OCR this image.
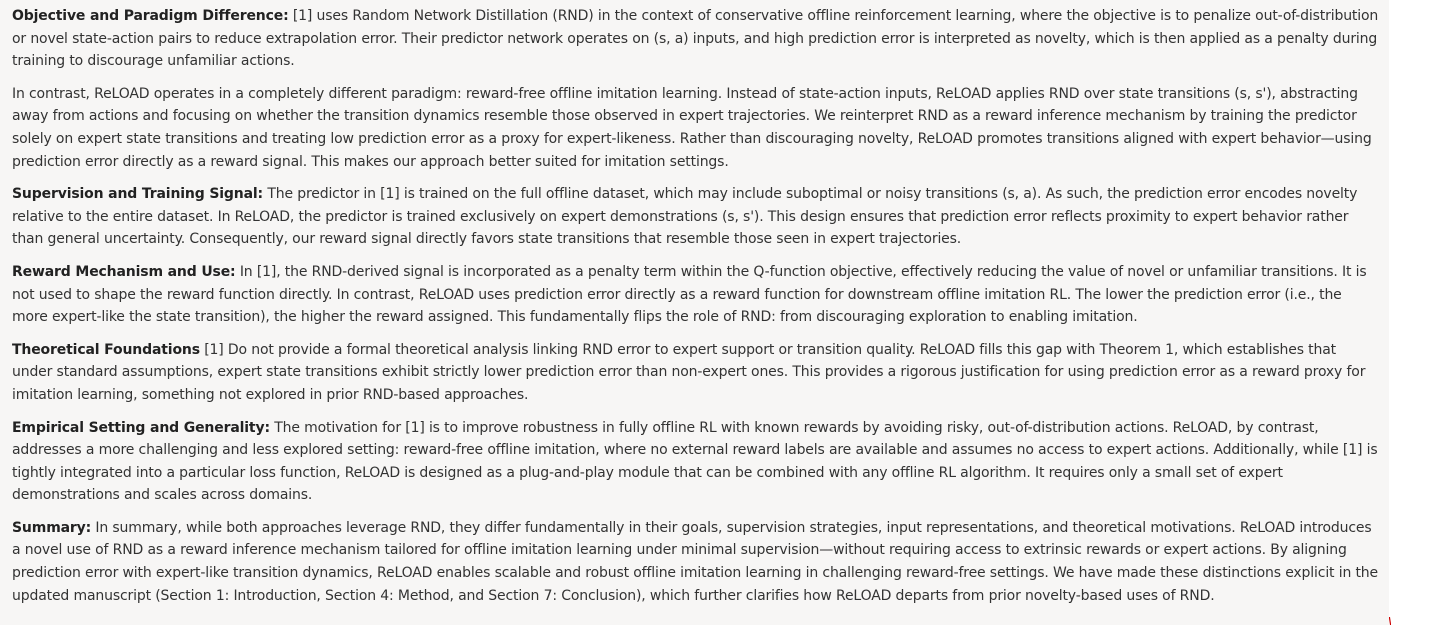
Objective and Paradigm Difference: [1] uses Random Network Distillation (RND) in the context of conservative offline reinforcement learning, where the objective is to penalize out-of-distribution or novel state-action pairs to reduce extrapolation error. Their predictor network operates on (s, a) inputs, and high prediction error is interpreted as novelty, which is then applied as a penalty during training to discourage unfamiliar actions.

In contrast, ReLOAD operates in a completely different paradigm: reward-free offline imitation learning. Instead of state-action inputs, ReLOAD applies RND over state transitions (s, s'), abstracting away from actions and focusing on whether the transition dynamics resemble those observed in expert trajectories. We reinterpret RND as a reward inference mechanism by training the predictor solely on expert state transitions and treating low prediction error as a proxy for expert-likeness. Rather than discouraging novelty, ReLOAD promotes transitions aligned with expert behavior—using prediction error directly as a reward signal. This makes our approach better suited for imitation settings.

Supervision and Training Signal: The predictor in [1] is trained on the full offline dataset, which may include suboptimal or noisy transitions (s, a). As such, the prediction error encodes novelty relative to the entire dataset. In ReLOAD, the predictor is trained exclusively on expert demonstrations (s, s'). This design ensures that prediction error reflects proximity to expert behavior rather than general uncertainty. Consequently, our reward signal directly favors state transitions that resemble those seen in expert trajectories.

Reward Mechanism and Use: In [1], the RND-derived signal is incorporated as a penalty term within the Q-function objective, effectively reducing the value of novel or unfamiliar transitions. It is not used to shape the reward function directly. In contrast, ReLOAD uses prediction error directly as a reward function for downstream offline imitation RL. The lower the prediction error (i.e., the more expert-like the state transition), the higher the reward assigned. This fundamentally flips the role of RND: from discouraging exploration to enabling imitation.

Theoretical Foundations [1] Do not provide a formal theoretical analysis linking RND error to expert support or transition quality. ReLOAD fills this gap with Theorem 1, which establishes that under standard assumptions, expert state transitions exhibit strictly lower prediction error than non-expert ones. This provides a rigorous justification for using prediction error as a reward proxy for imitation learning, something not explored in prior RND-based approaches.

Empirical Setting and Generality: The motivation for [1] is to improve robustness in fully offline RL with known rewards by avoiding risky, out-of-distribution actions. ReLOAD, by contrast, addresses a more challenging and less explored setting: reward-free offline imitation, where no external reward labels are available and assumes no access to expert actions. Additionally, while [1] is tightly integrated into a particular loss function, ReLOAD is designed as a plug-and-play module that can be combined with any offline RL algorithm. It requires only a small set of expert demonstrations and scales across domains.

Summary: In summary, while both approaches leverage RND, they differ fundamentally in their goals, supervision strategies, input representations, and theoretical motivations. ReLOAD introduces a novel use of RND as a reward inference mechanism tailored for offline imitation learning under minimal supervision—without requiring access to extrinsic rewards or expert actions. By aligning prediction error with expert-like transition dynamics, ReLOAD enables scalable and robust offline imitation learning in challenging reward-free settings. We have made these distinctions explicit in the updated manuscript (Section 1: Introduction, Section 4: Method, and Section 7: Conclusion), which further clarifies how ReLOAD departs from prior novelty-based uses of RND.
